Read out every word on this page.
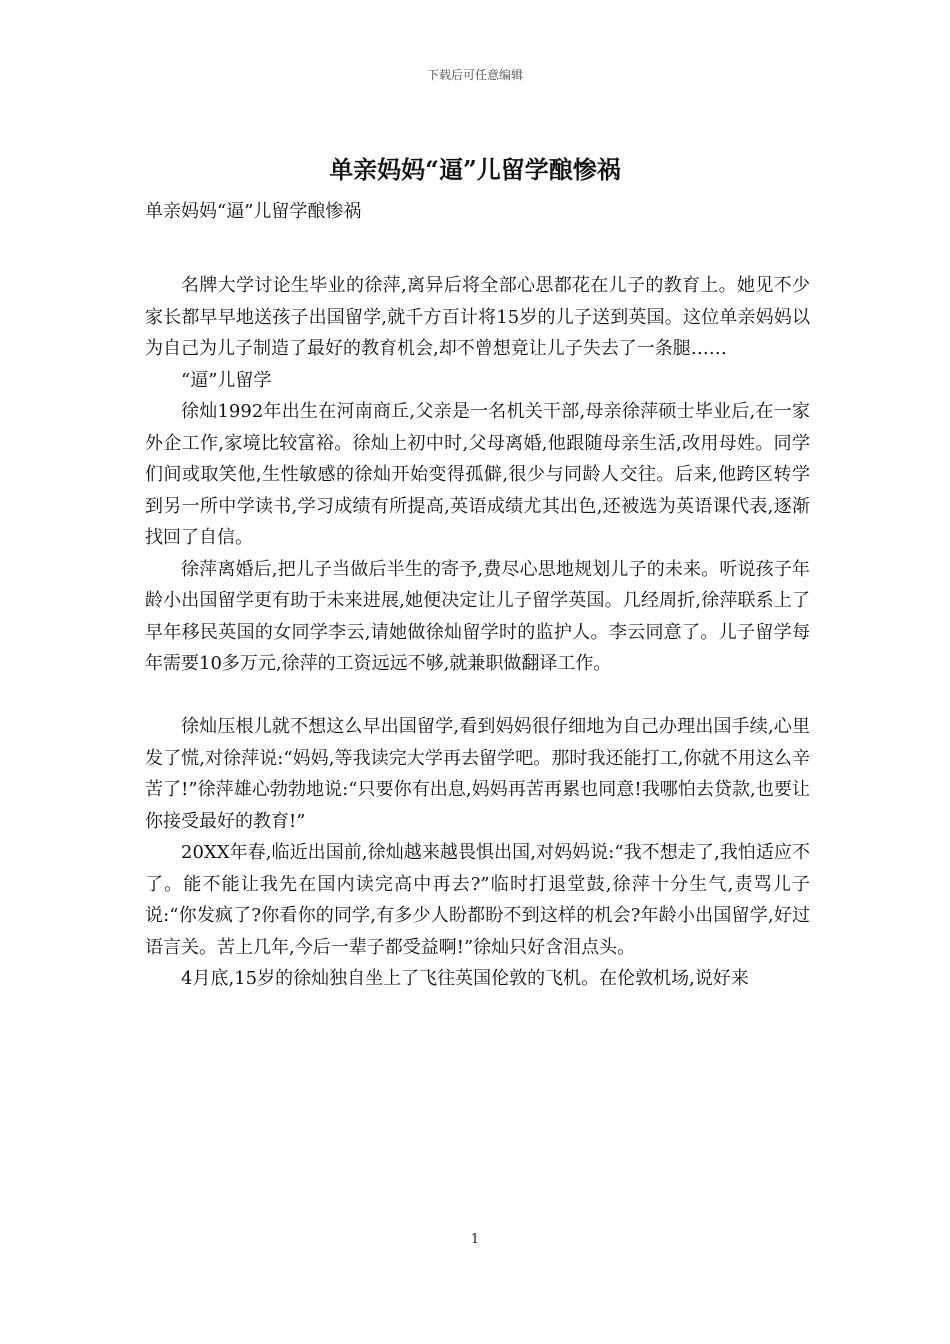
下载后可任意编辑
单亲妈妈“逼”儿留学酿惨祸
单亲妈妈“逼”儿留学酿惨祸

名牌大学讨论生毕业的徐萍,离异后将全部心思都花在儿子的教育上。她见不少家长都早早地送孩子出国留学,就千方百计将15岁的儿子送到英国。这位单亲妈妈以为自己为儿子制造了最好的教育机会,却不曾想竟让儿子失去了一条腿……

“逼”儿留学

徐灿1992年出生在河南商丘,父亲是一名机关干部,母亲徐萍硕士毕业后,在一家外企工作,家境比较富裕。徐灿上初中时,父母离婚,他跟随母亲生活,改用母姓。同学们间或取笑他,生性敏感的徐灿开始变得孤僻,很少与同龄人交往。后来,他跨区转学到另一所中学读书,学习成绩有所提高,英语成绩尤其出色,还被选为英语课代表,逐渐找回了自信。

徐萍离婚后,把儿子当做后半生的寄予,费尽心思地规划儿子的未来。听说孩子年龄小出国留学更有助于未来进展,她便决定让儿子留学英国。几经周折,徐萍联系上了早年移民英国的女同学李云,请她做徐灿留学时的监护人。李云同意了。儿子留学每年需要10多万元,徐萍的工资远远不够,就兼职做翻译工作。

徐灿压根儿就不想这么早出国留学,看到妈妈很仔细地为自己办理出国手续,心里发了慌,对徐萍说:“妈妈,等我读完大学再去留学吧。那时我还能打工,你就不用这么辛苦了!”徐萍雄心勃勃地说:“只要你有出息,妈妈再苦再累也同意!我哪怕去贷款,也要让你接受最好的教育!”

20XX年春,临近出国前,徐灿越来越畏惧出国,对妈妈说:“我不想走了,我怕适应不了。能不能让我先在国内读完高中再去?”临时打退堂鼓,徐萍十分生气,责骂儿子说:“你发疯了?你看你的同学,有多少人盼都盼不到这样的机会?年龄小出国留学,好过语言关。苦上几年,今后一辈子都受益啊!”徐灿只好含泪点头。

4月底,15岁的徐灿独自坐上了飞往英国伦敦的飞机。在伦敦机场,说好来

1
